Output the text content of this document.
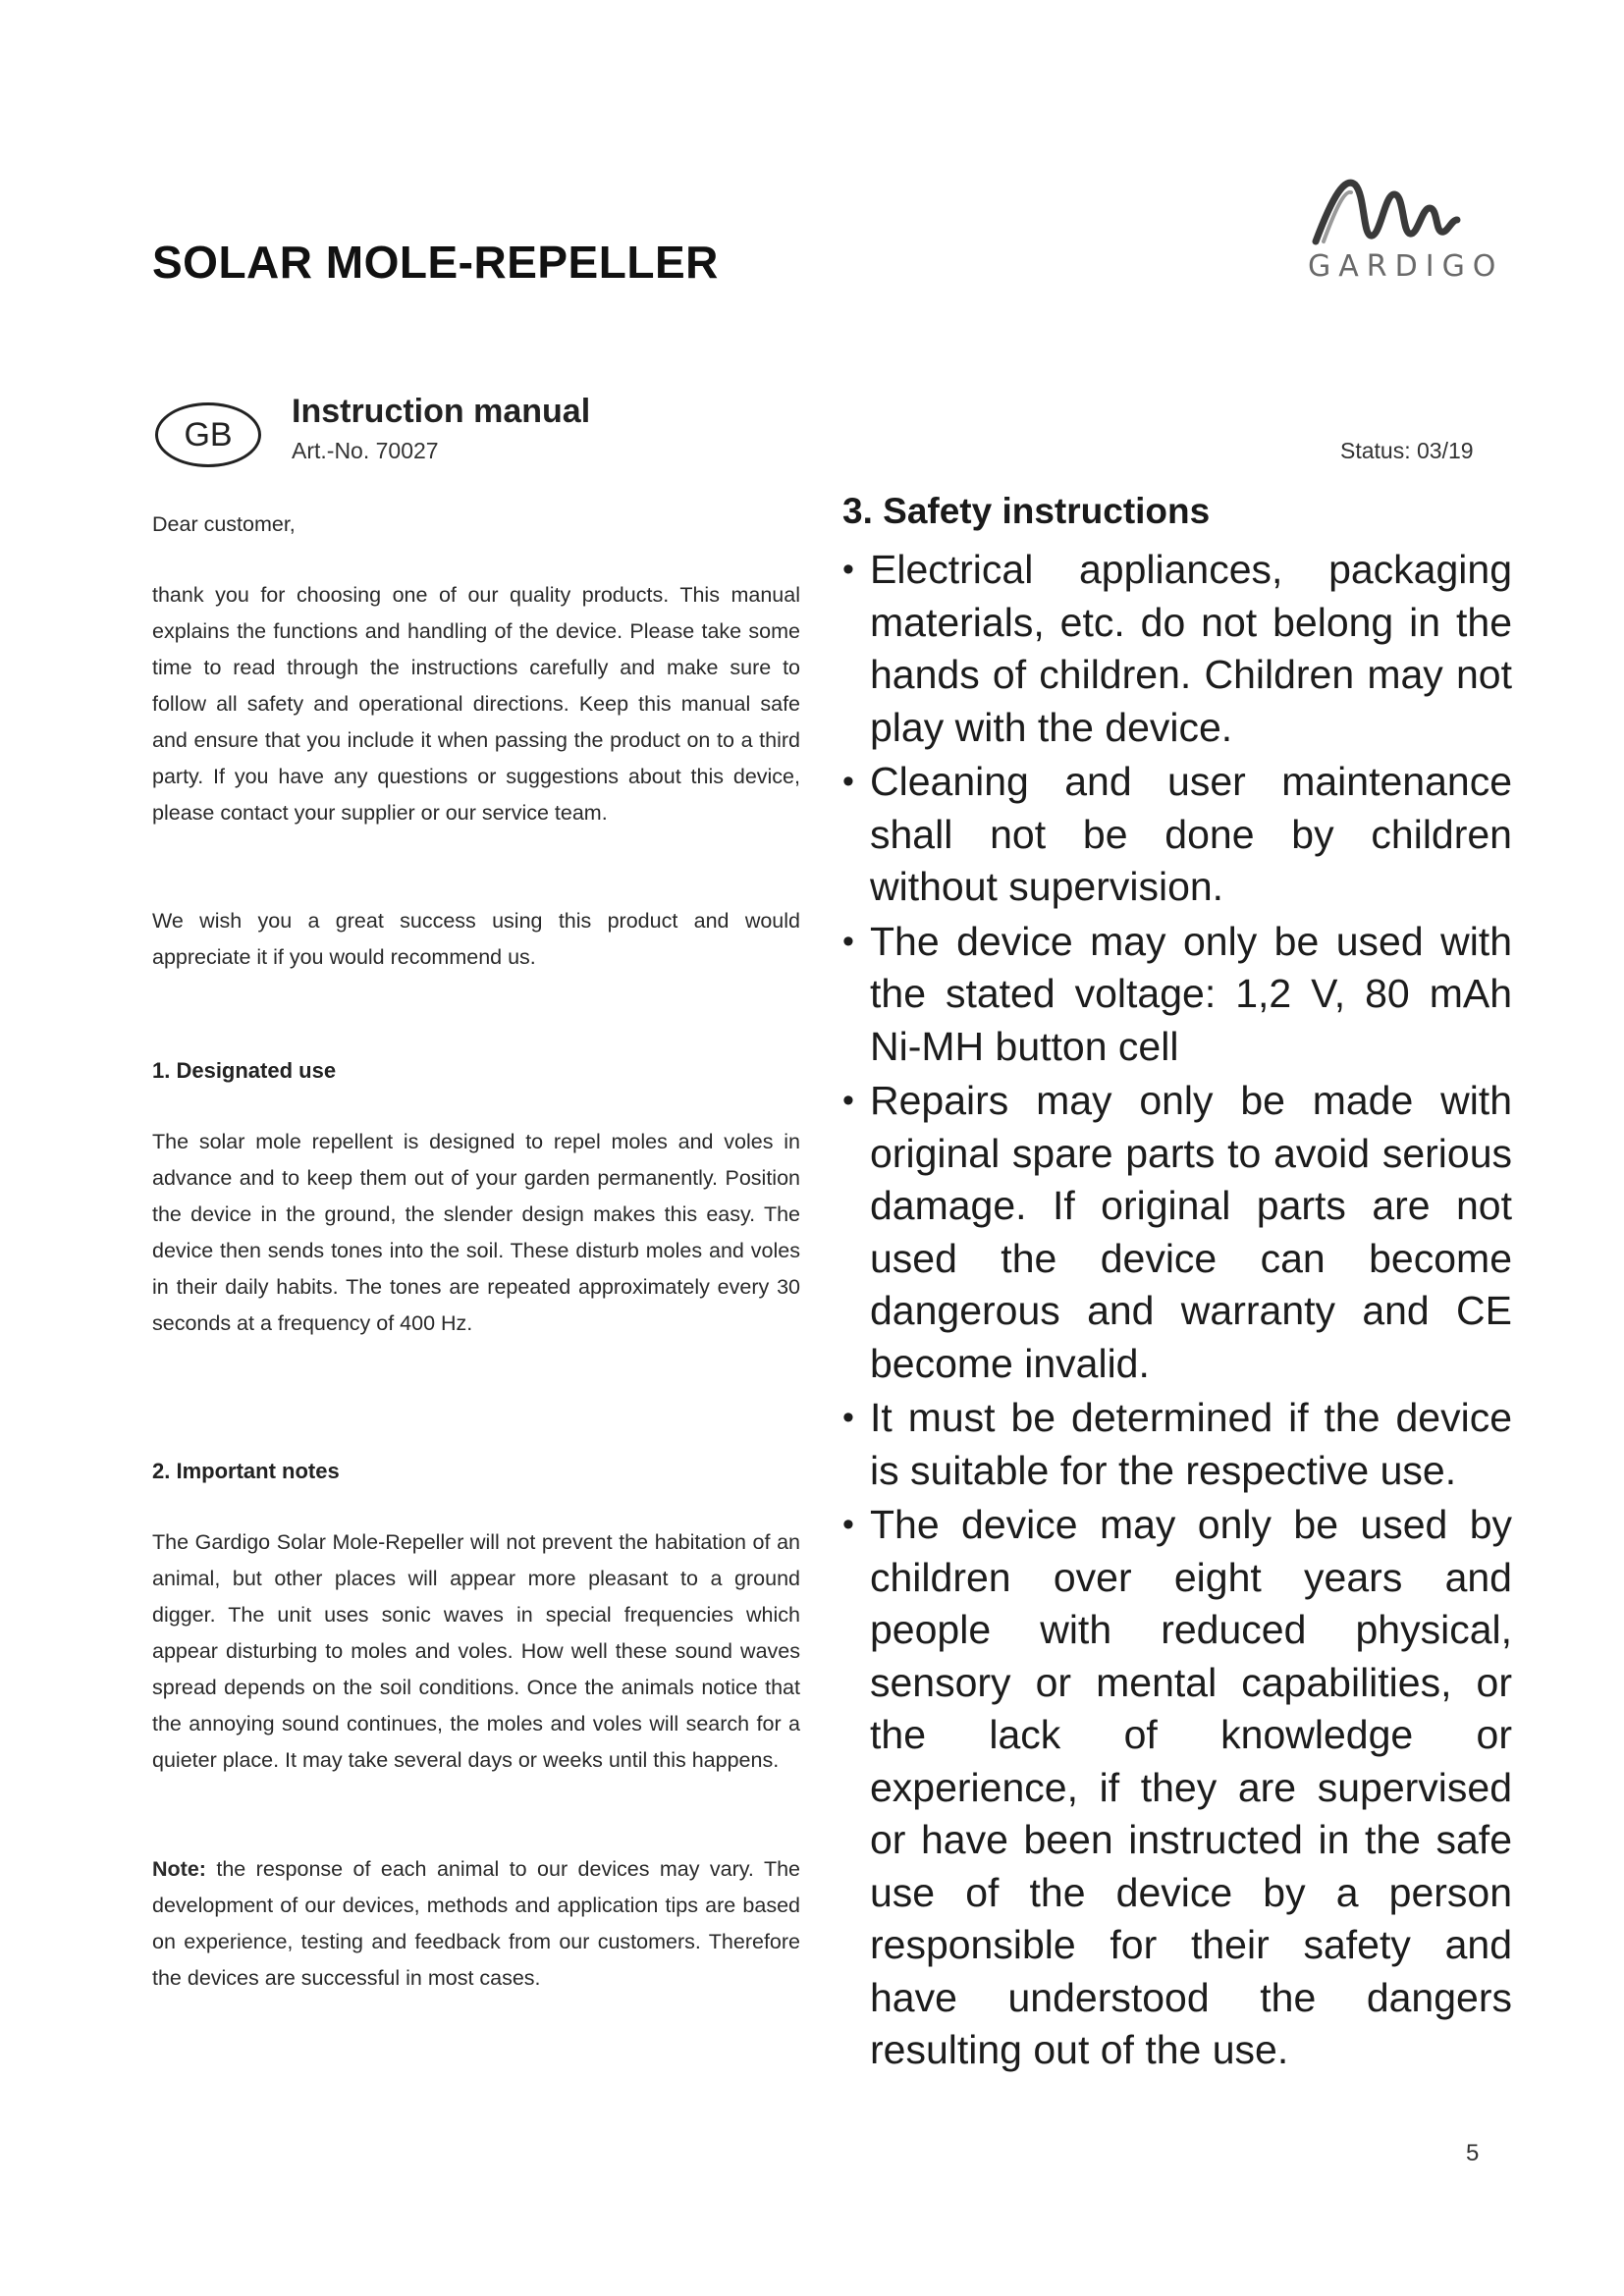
SOLAR MOLE-REPELLER	GARDIGO
GB
Instruction manual
Art.-No. 70027	Status: 03/19

Dear customer,

thank you for choosing one of our quality products. This manual explains the functions and handling of the device. Please take some time to read through the instructions carefully and make sure to follow all safety and operational directions. Keep this manual safe and ensure that you include it when passing the product on to a third party. If you have any questions or suggestions about this device, please contact your supplier or our service team.

We wish you a great success using this product and would appreciate it if you would recommend us.

1. Designated use

The solar mole repellent is designed to repel moles and voles in advance and to keep them out of your garden permanently. Position the device in the ground, the slender design makes this easy. The device then sends tones into the soil. These disturb moles and voles in their daily habits. The tones are repeated approximately every 30 seconds at a frequency of 400 Hz.

2. Important notes

The Gardigo Solar Mole-Repeller will not prevent the habitation of an animal, but other places will appear more pleasant to a ground digger. The unit uses sonic waves in special frequencies which appear disturbing to moles and voles. How well these sound waves spread depends on the soil conditions. Once the animals notice that the annoying sound continues, the moles and voles will search for a quieter place. It may take several days or weeks until this happens.

Note: the response of each animal to our devices may vary. The development of our devices, methods and application tips are based on experience, testing and feedback from our customers. Therefore the devices are successful in most cases.

3. Safety instructions
• Electrical appliances, packaging materials, etc. do not belong in the hands of children. Children may not play with the device.
• Cleaning and user maintenance shall not be done by children without supervision.
• The device may only be used with the stated voltage: 1,2 V, 80 mAh Ni-MH button cell
• Repairs may only be made with original spare parts to avoid serious damage. If original parts are not used the device can become dangerous and warranty and CE become invalid.
• It must be determined if the device is suitable for the respective use.
• The device may only be used by children over eight years and people with reduced physical, sensory or mental capabilities, or the lack of knowledge or experience, if they are supervised or have been instructed in the safe use of the device by a person responsible for their safety and have understood the dangers resulting out of the use.
5
